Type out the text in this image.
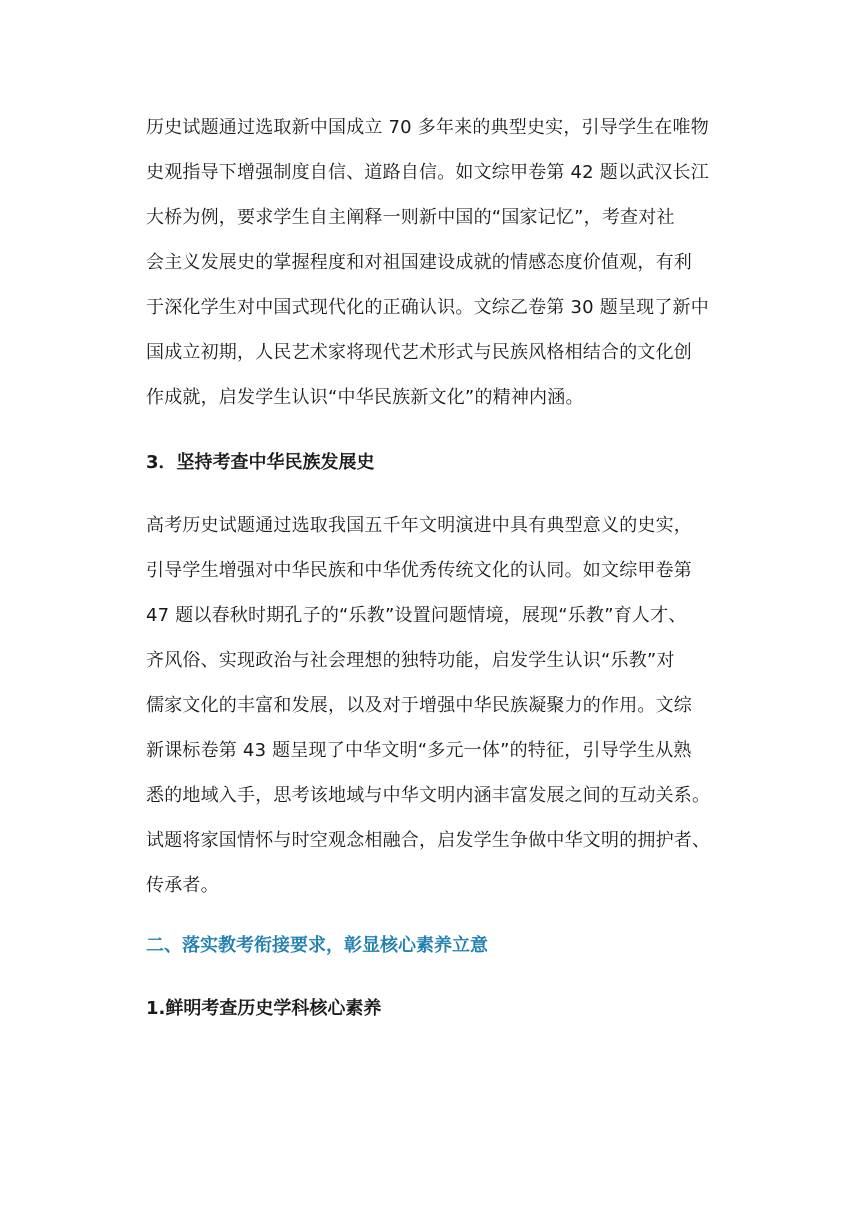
历史试题通过选取新中国成立 70 多年来的典型史实，引导学生在唯物
史观指导下增强制度自信、道路自信。如文综甲卷第 42 题以武汉长江
大桥为例，要求学生自主阐释一则新中国的“国家记忆”，考查对社
会主义发展史的掌握程度和对祖国建设成就的情感态度价值观，有利
于深化学生对中国式现代化的正确认识。文综乙卷第 30 题呈现了新中
国成立初期，人民艺术家将现代艺术形式与民族风格相结合的文化创
作成就，启发学生认识“中华民族新文化”的精神内涵。
3．坚持考查中华民族发展史
高考历史试题通过选取我国五千年文明演进中具有典型意义的史实，
引导学生增强对中华民族和中华优秀传统文化的认同。如文综甲卷第
47 题以春秋时期孔子的“乐教”设置问题情境，展现“乐教”育人才、
齐风俗、实现政治与社会理想的独特功能，启发学生认识“乐教”对
儒家文化的丰富和发展，以及对于增强中华民族凝聚力的作用。文综
新课标卷第 43 题呈现了中华文明“多元一体”的特征，引导学生从熟
悉的地域入手，思考该地域与中华文明内涵丰富发展之间的互动关系。
试题将家国情怀与时空观念相融合，启发学生争做中华文明的拥护者、
传承者。
二、落实教考衔接要求，彰显核心素养立意
1.鲜明考查历史学科核心素养
